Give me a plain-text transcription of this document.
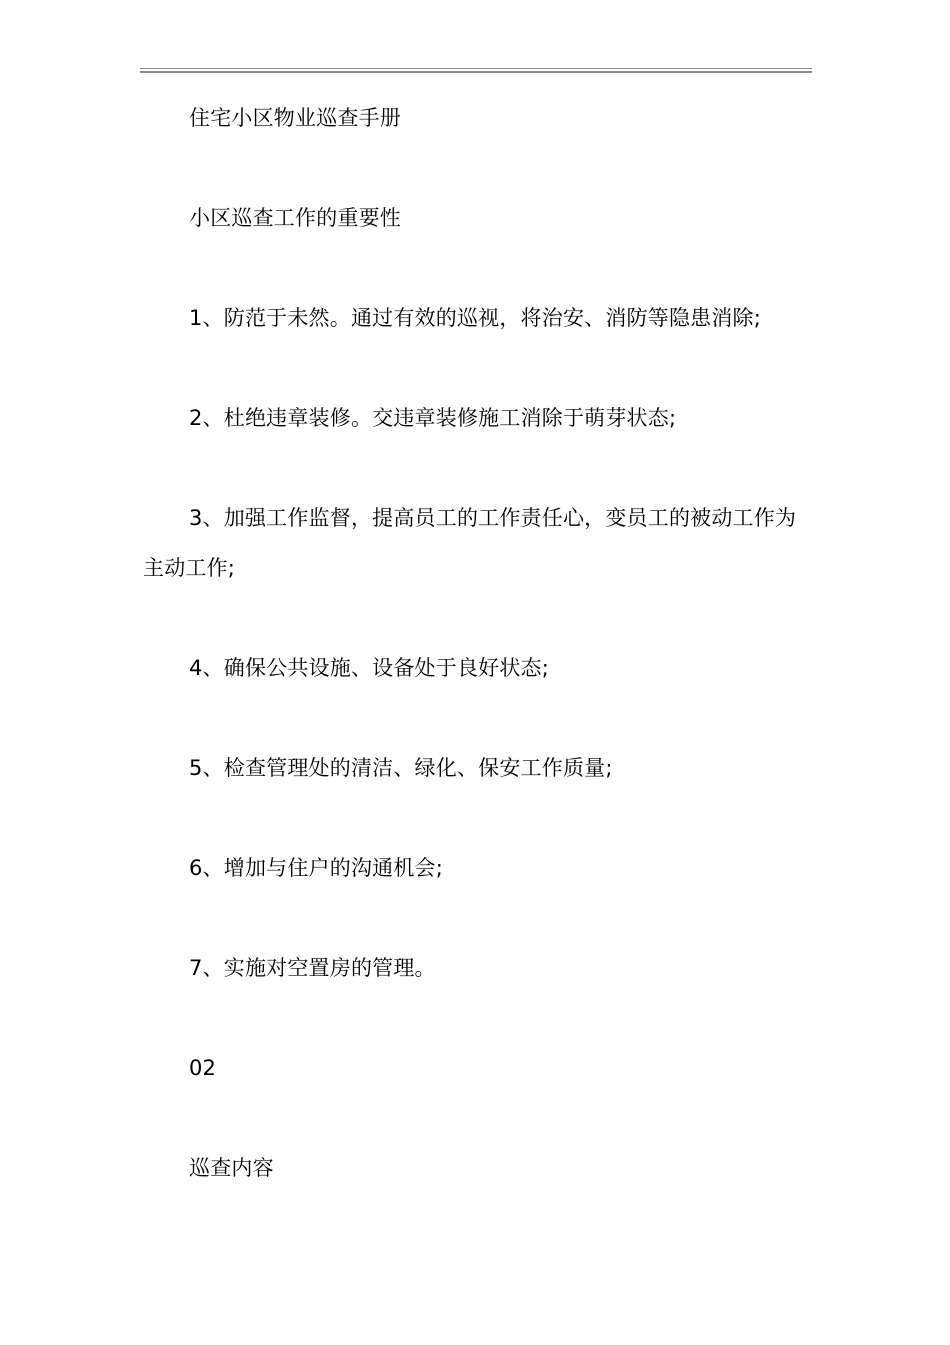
住宅小区物业巡查手册

小区巡查工作的重要性

1、防范于未然。通过有效的巡视，将治安、消防等隐患消除;

2、杜绝违章装修。交违章装修施工消除于萌芽状态;

3、加强工作监督，提高员工的工作责任心，变员工的被动工作为主动工作;

4、确保公共设施、设备处于良好状态;

5、检查管理处的清洁、绿化、保安工作质量;

6、增加与住户的沟通机会;

7、实施对空置房的管理。

02

巡查内容
